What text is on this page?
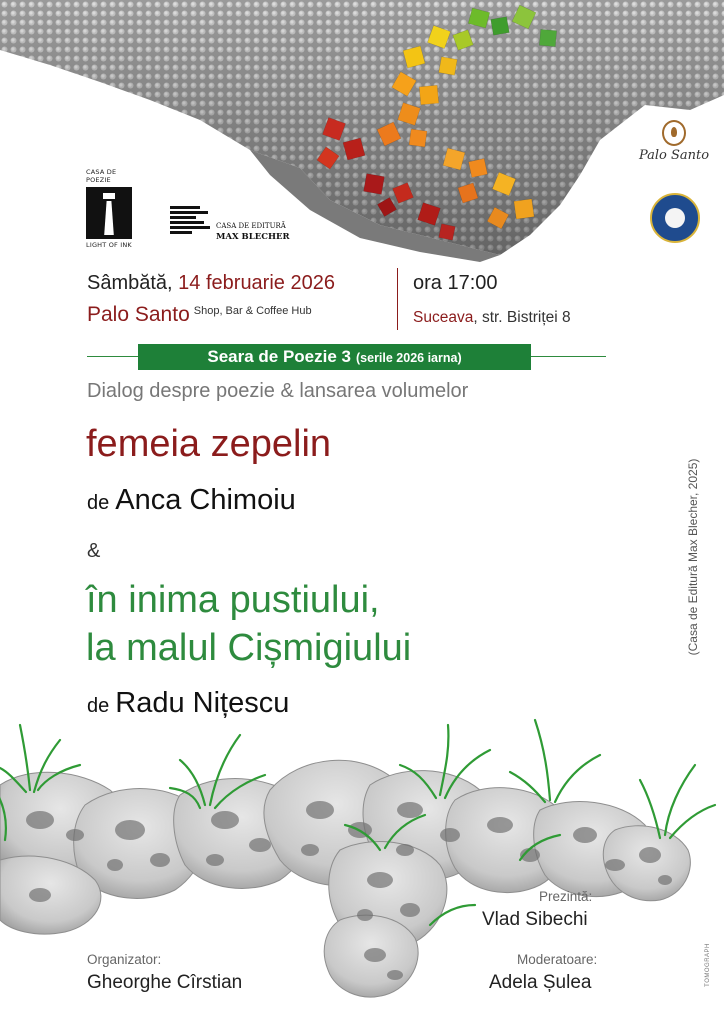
CASA DE POEZIE
LIGHT OF INK
CASA DE EDITURĂ
MAX BLECHER
Palo Santo
Sâmbătă, 14 februarie 2026
Palo Santo $^{Shop, Bar \& Coffee Hub}$
ora 17:00
Suceava, str. Bistriței 8
Seara de Poezie 3 (serile 2026 iarna)
Dialog despre poezie & lansarea volumelor
femeia zepelin
de Anca Chimoiu
&
în inima pustiului,
la malul Cișmigiului
de Radu Nițescu
(Casa de Editură Max Blecher, 2025)
Prezintă:
Vlad Sibechi
Organizator:
Gheorghe Cîrstian
Moderatoare:
Adela Șulea	TOMOGRAPH
